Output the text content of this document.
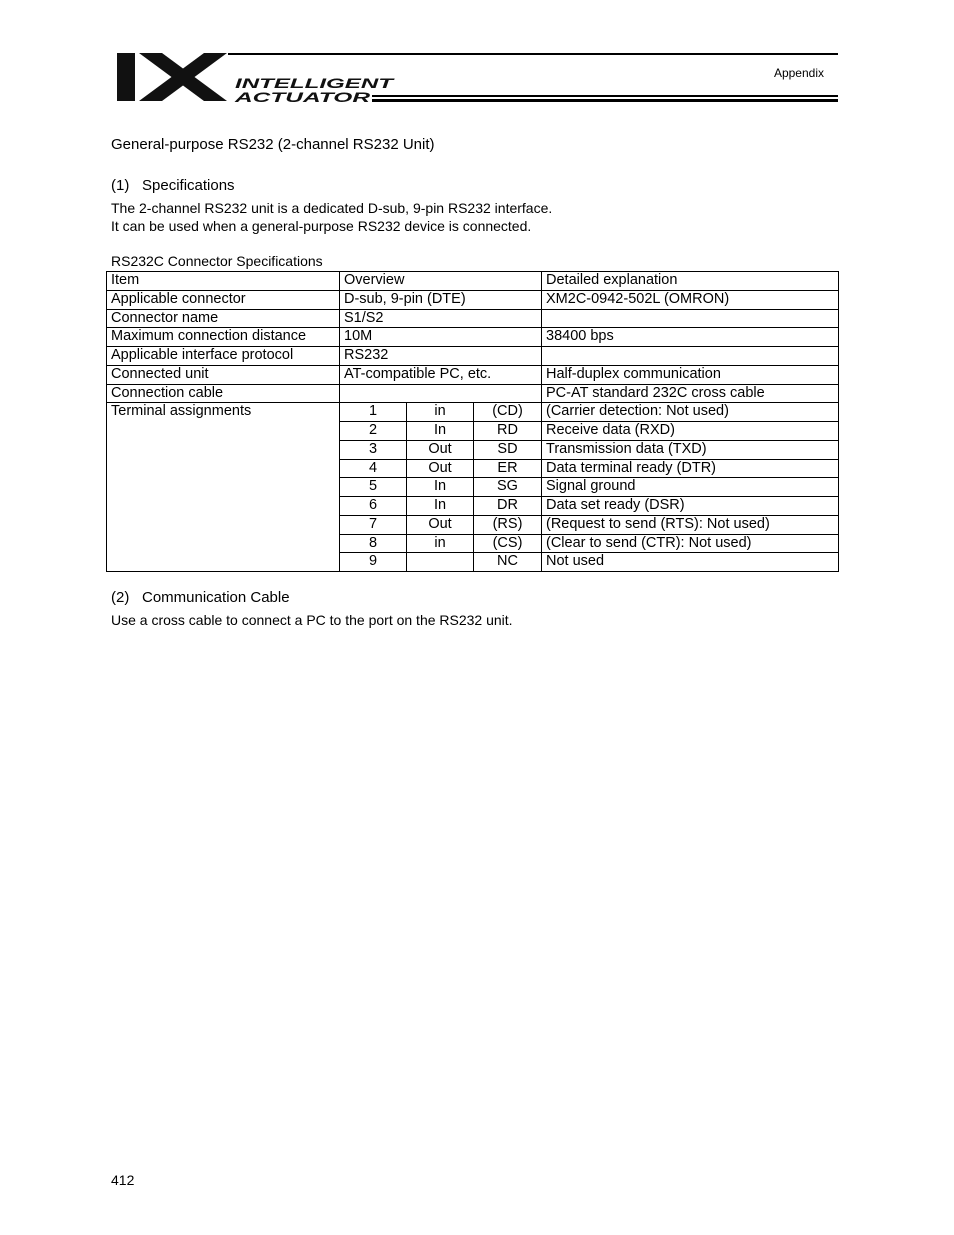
INTELLIGENT
ACTUATOR
Appendix
General-purpose RS232 (2-channel RS232 Unit)
(1) Specifications
The 2-channel RS232 unit is a dedicated D-sub, 9-pin RS232 interface.
It can be used when a general-purpose RS232 device is connected.
RS232C Connector Specifications
Item	Overview			Detailed explanation
Applicable connector	D-sub, 9-pin (DTE)			XM2C-0942-502L (OMRON)
Connector name	S1/S2			
Maximum connection distance	10M			38400 bps
Applicable interface protocol	RS232			
Connected unit	AT-compatible PC, etc.			Half-duplex communication
Connection cable				PC-AT standard 232C cross cable
Terminal assignments	1	in	(CD)	(Carrier detection: Not used)
	2	In	RD	Receive data (RXD)
	3	Out	SD	Transmission data (TXD)
	4	Out	ER	Data terminal ready (DTR)
	5	In	SG	Signal ground
	6	In	DR	Data set ready (DSR)
	7	Out	(RS)	(Request to send (RTS): Not used)
	8	in	(CS)	(Clear to send (CTR): Not used)
	9		NC	Not used
(2) Communication Cable
Use a cross cable to connect a PC to the port on the RS232 unit.
412
